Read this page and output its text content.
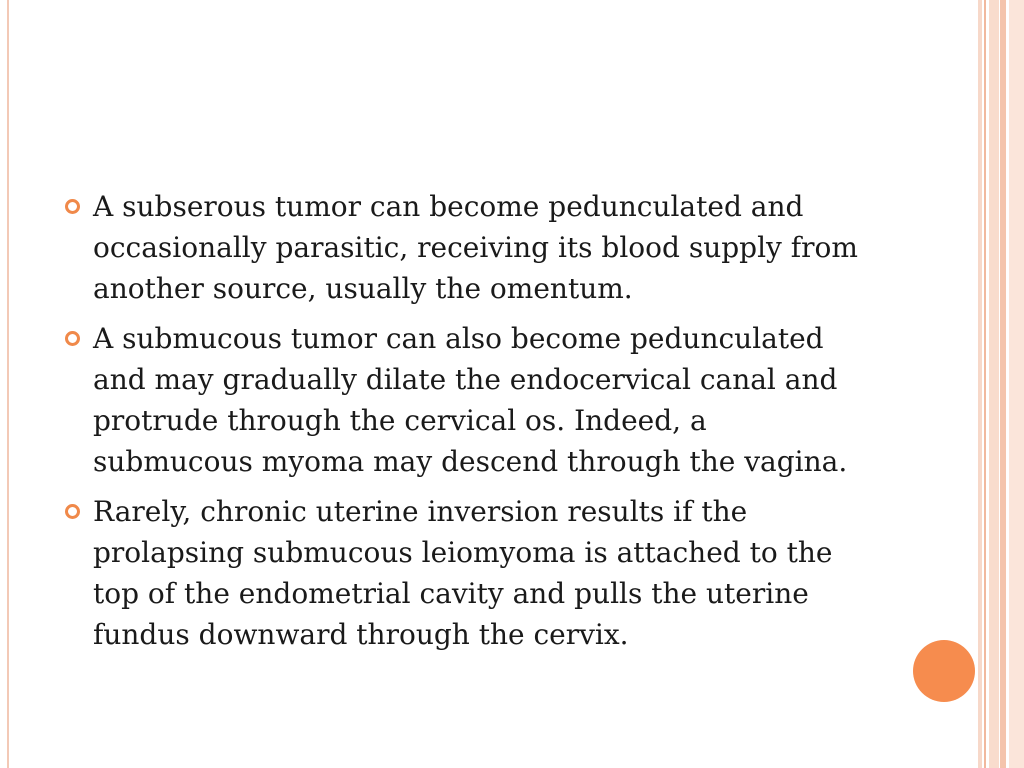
A subserous tumor can become pedunculated and occasionally parasitic, receiving its blood supply from another source, usually the omentum.
A submucous tumor can also become pedunculated and may gradually dilate the endocervical canal and protrude through the cervical os. Indeed, a submucous myoma may descend through the vagina.
Rarely, chronic uterine inversion results if the prolapsing submucous leiomyoma is attached to the top of the endometrial cavity and pulls the uterine fundus downward through the cervix.
